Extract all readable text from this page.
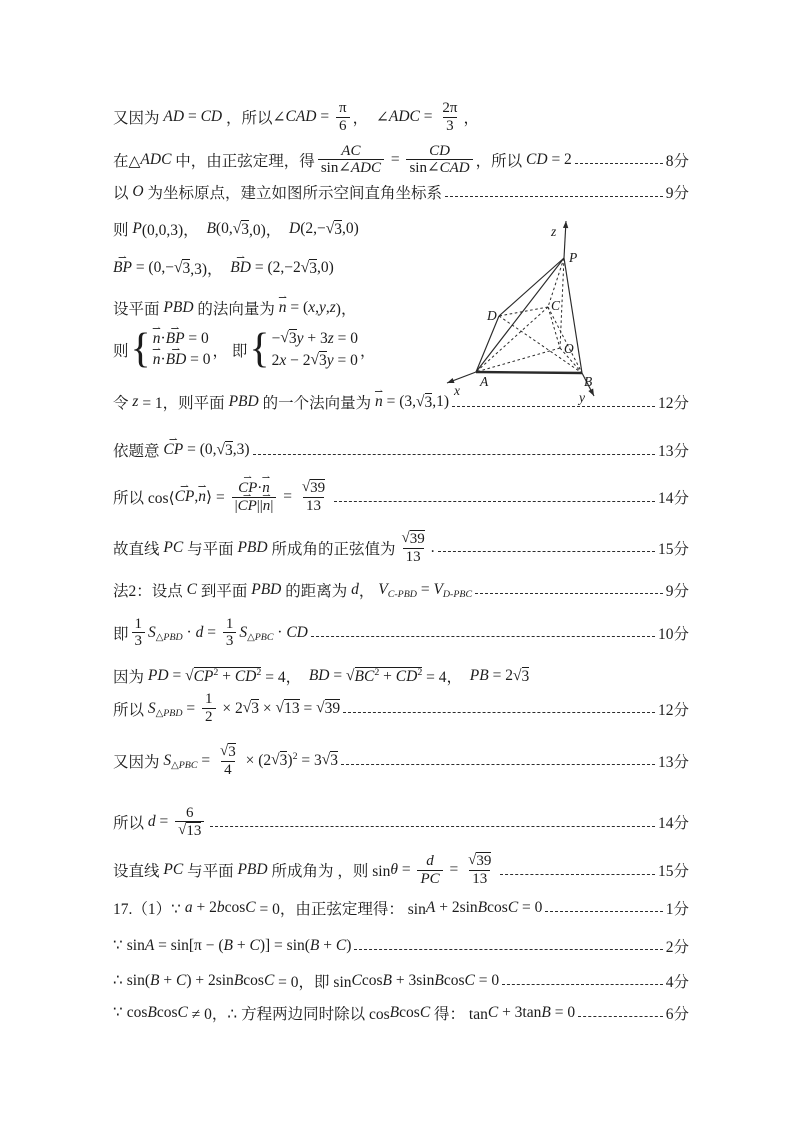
又因为 AD = CD ，所以 ∠ CAD = $\frac{\pi}{6}$ ， ∠ ADC = $\frac{2\pi}{3}$ ，
在△ ADC 中，由正弦定理，得 $\frac{AC}{\text{sin∠ ADC}} = \frac{CD}{\text{sin∠ CAD}}$ ，所以 CD = 2	8分
以 O 为坐标原点，建立如图所示空间直角坐标系	9分
则 P (0,0,3)， B (0, √ 3 ,0)， D (2,− √ 3 ,0)
BP ⇀ = (0,− √ 3 ,3)， BD ⇀ = (2,−2 √ 3 ,0)
设平面 PBD 的法向量为 n ⇀ = ( x , y , z )，
则 { n ⇀ · BP ⇀ = 0
n ⇀ · BD ⇀ = 0 ， 即 { − √ 3 y + 3 z = 0
2 x − 2 √ 3 y = 0
，
令 z = 1，则平面 PBD 的一个法向量为 n ⇀ = (3, √ 3 ,1)	12分
依题意 CP ⇀ = (0, √ 3 ,3)	13分
所以 cos⟨ CP ⇀ , n ⇀ ⟩ = $\frac{CP ⇀ \cdot n ⇀}{| CP ⇀ || n ⇀ |} = \frac{√ 39}{13}$	14分
故直线 PC 与平面 PBD 所成角的正弦值为 $\frac{√ 39}{13}$ .	15分
法2：设点 C 到平面 PBD 的距离为 d ， V C-PBD = V D-PBC	9分
即 $\frac{1}{3}$ S △PBD · $d = \frac{1}{3}$ S △PBC · CD	10分
因为 PD = √ CP 2 + CD 2 = 4， BD = √ BC 2 + CD 2 = 4， PB = 2 √ 3
所以 S △PBD = $\frac{1}{2} \times 2$ √ 3 × √ 13 = √ 39	12分
又因为 S △PBC = $\frac{√ 3}{4} \times (2$ √ 3 ) 2 = 3 √ 3	13分
所以 $d = \frac{6}{√ 13}$	14分
设直线 PC 与平面 PBD 所成角为 ，则 $\sin \theta = \frac{d}{PC} = \frac{√ 39}{13}$	15分
17.（1）∵ a + 2 b cos C = 0，由正弦定理得： sin A + 2sin B cos C = 0	1分
∵ sin A = sin[π − ( B + C )] = sin( B + C )	2分
∴ sin( B + C ) + 2sin B cos C = 0，即 sin C cos B + 3sin B cos C = 0	4分
∵ cos B cos C ≠ 0，∴ 方程两边同时除以 cos B cos C 得： tan C + 3tan B = 0	6分
z
P
D
C
O
A	B
x	y
